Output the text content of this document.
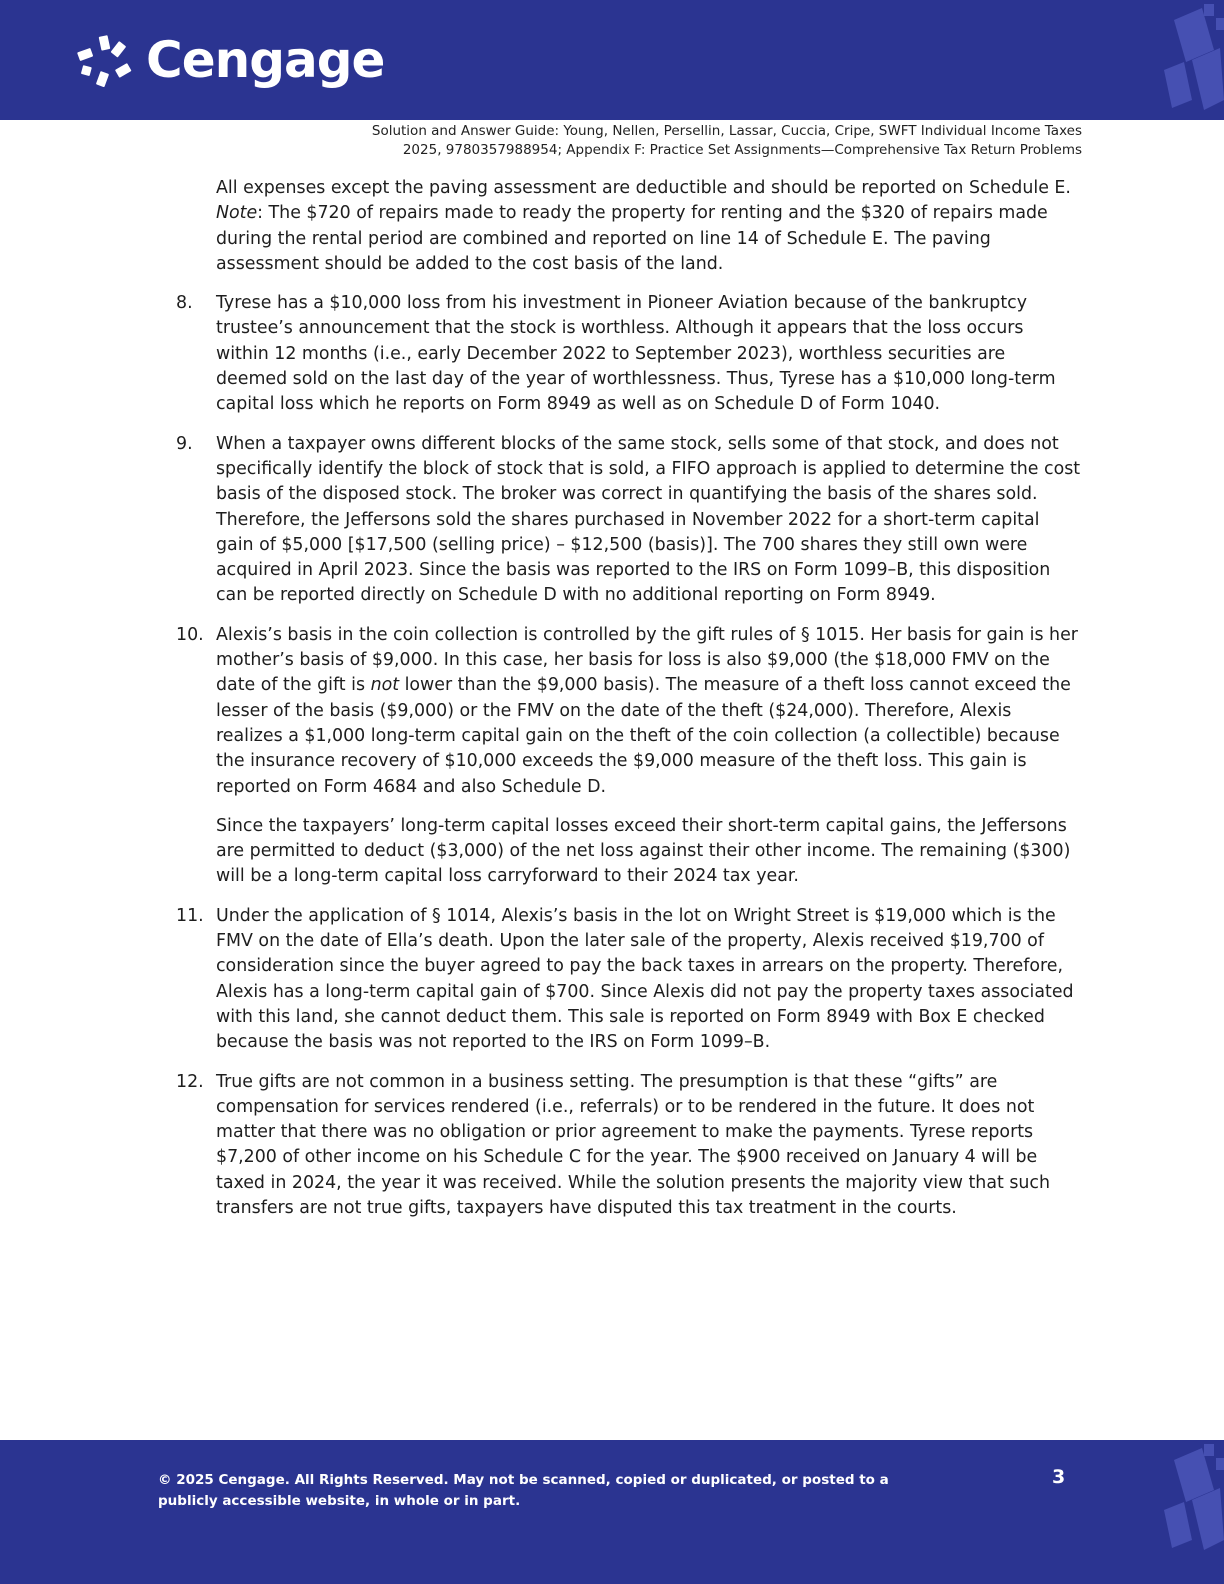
Cengage
Solution and Answer Guide: Young, Nellen, Persellin, Lassar, Cuccia, Cripe, SWFT Individual Income Taxes
2025, 9780357988954; Appendix F: Practice Set Assignments—Comprehensive Tax Return Problems

All expenses except the paving assessment are deductible and should be reported on Schedule E. Note: The $720 of repairs made to ready the property for renting and the $320 of repairs made during the rental period are combined and reported on line 14 of Schedule E. The paving assessment should be added to the cost basis of the land.

8.	Tyrese has a $10,000 loss from his investment in Pioneer Aviation because of the bankruptcy trustee’s announcement that the stock is worthless. Although it appears that the loss occurs within 12 months (i.e., early December 2022 to September 2023), worthless securities are deemed sold on the last day of the year of worthlessness. Thus, Tyrese has a $10,000 long-term capital loss which he reports on Form 8949 as well as on Schedule D of Form 1040.

9.	When a taxpayer owns different blocks of the same stock, sells some of that stock, and does not specifically identify the block of stock that is sold, a FIFO approach is applied to determine the cost basis of the disposed stock. The broker was correct in quantifying the basis of the shares sold. Therefore, the Jeffersons sold the shares purchased in November 2022 for a short-term capital gain of $5,000 [$17,500 (selling price) – $12,500 (basis)]. The 700 shares they still own were acquired in April 2023. Since the basis was reported to the IRS on Form 1099–B, this disposition can be reported directly on Schedule D with no additional reporting on Form 8949.

10. Alexis’s basis in the coin collection is controlled by the gift rules of § 1015. Her basis for gain is her mother’s basis of $9,000. In this case, her basis for loss is also $9,000 (the $18,000 FMV on the date of the gift is not lower than the $9,000 basis). The measure of a theft loss cannot exceed the lesser of the basis ($9,000) or the FMV on the date of the theft ($24,000). Therefore, Alexis realizes a $1,000 long-term capital gain on the theft of the coin collection (a collectible) because the insurance recovery of $10,000 exceeds the $9,000 measure of the theft loss. This gain is reported on Form 4684 and also Schedule D.

Since the taxpayers’ long-term capital losses exceed their short-term capital gains, the Jeffersons are permitted to deduct ($3,000) of the net loss against their other income. The remaining ($300) will be a long-term capital loss carryforward to their 2024 tax year.

11. Under the application of § 1014, Alexis’s basis in the lot on Wright Street is $19,000 which is the FMV on the date of Ella’s death. Upon the later sale of the property, Alexis received $19,700 of consideration since the buyer agreed to pay the back taxes in arrears on the property. Therefore, Alexis has a long-term capital gain of $700. Since Alexis did not pay the property taxes associated with this land, she cannot deduct them. This sale is reported on Form 8949 with Box E checked because the basis was not reported to the IRS on Form 1099–B.

12. True gifts are not common in a business setting. The presumption is that these “gifts” are compensation for services rendered (i.e., referrals) or to be rendered in the future. It does not matter that there was no obligation or prior agreement to make the payments. Tyrese reports $7,200 of other income on his Schedule C for the year. The $900 received on January 4 will be taxed in 2024, the year it was received. While the solution presents the majority view that such transfers are not true gifts, taxpayers have disputed this tax treatment in the courts.

© 2025 Cengage. All Rights Reserved. May not be scanned, copied or duplicated, or posted to a publicly accessible website, in whole or in part.
3
